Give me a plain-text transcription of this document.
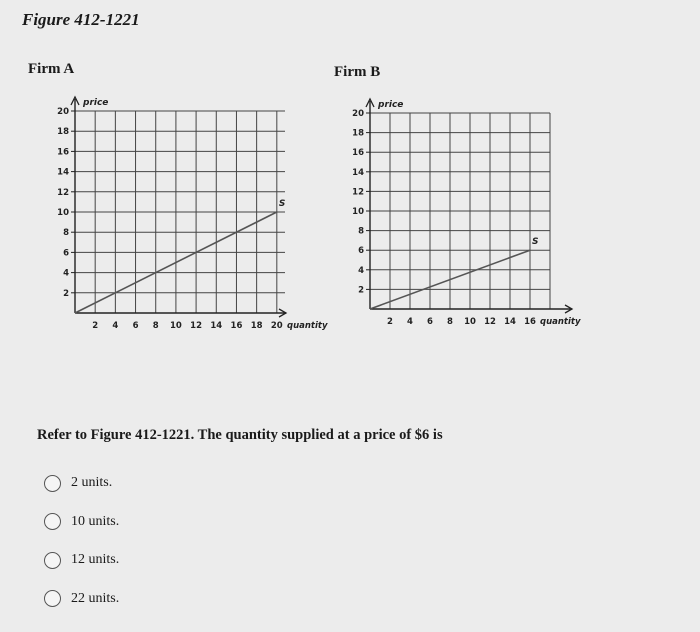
Figure 412-1221
Firm A	Firm B
2
4
6
8
10
12
14
16
18
20
2 4 6 8 10 12 14 16 18 20
price
quantity
S
2
4
6
8
10
12
14
16
18
20
2 4 6 8 10 12 14 16
price
quantity
S
Refer to Figure 412-1221. The quantity supplied at a price of $6 is
2 units.
10 units.
12 units.
22 units.
